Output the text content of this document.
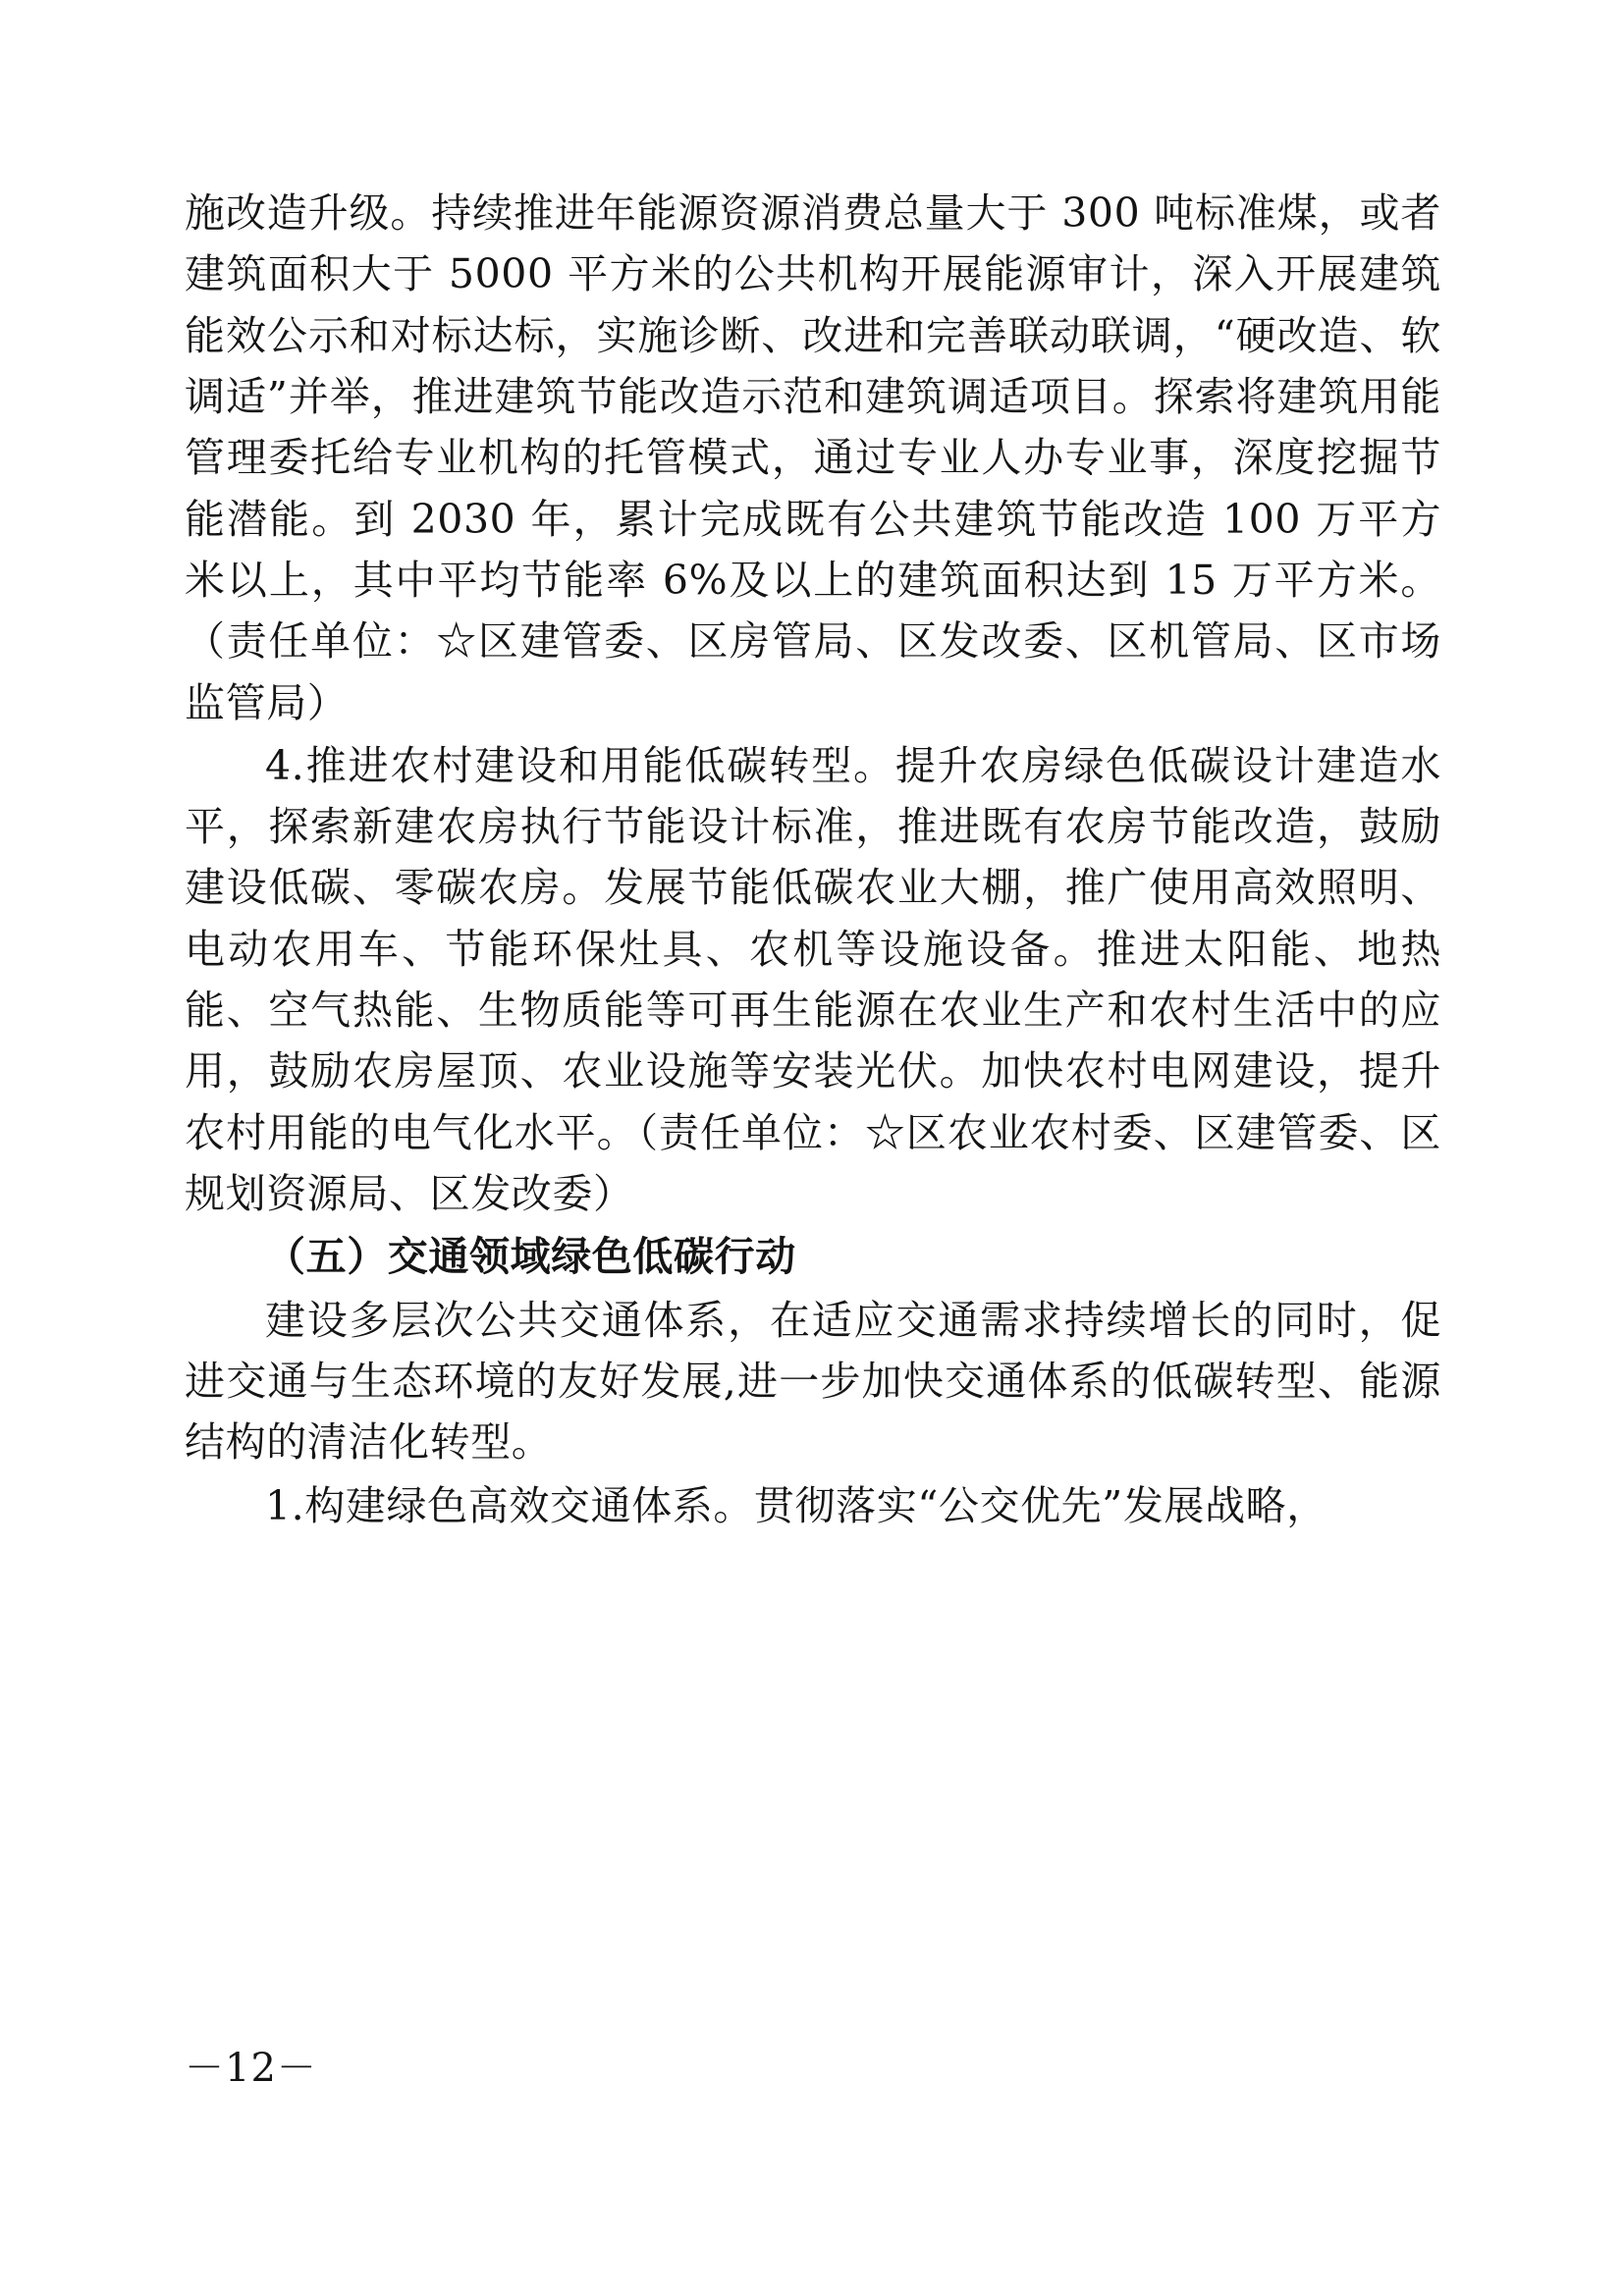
施改造升级。持续推进年能源资源消费总量大于 300 吨标准煤，或者建筑面积大于 5000 平方米的公共机构开展能源审计，深入开展建筑能效公示和对标达标，实施诊断、改进和完善联动联调，“硬改造、软调适”并举，推进建筑节能改造示范和建筑调适项目。探索将建筑用能管理委托给专业机构的托管模式，通过专业人办专业事，深度挖掘节能潜能。到 2030 年，累计完成既有公共建筑节能改造 100 万平方米以上，其中平均节能率 6%及以上的建筑面积达到 15 万平方米。（责任单位：☆区建管委、区房管局、区发改委、区机管局、区市场监管局）

4.推进农村建设和用能低碳转型。提升农房绿色低碳设计建造水平，探索新建农房执行节能设计标准，推进既有农房节能改造，鼓励建设低碳、零碳农房。发展节能低碳农业大棚，推广使用高效照明、电动农用车、节能环保灶具、农机等设施设备。推进太阳能、地热能、空气热能、生物质能等可再生能源在农业生产和农村生活中的应用，鼓励农房屋顶、农业设施等安装光伏。加快农村电网建设，提升农村用能的电气化水平。（责任单位：☆区农业农村委、区建管委、区规划资源局、区发改委）

（五）交通领域绿色低碳行动

建设多层次公共交通体系，在适应交通需求持续增长的同时，促进交通与生态环境的友好发展,进一步加快交通体系的低碳转型、能源结构的清洁化转型。

1.构建绿色高效交通体系。贯彻落实“公交优先”发展战略，

－12－
